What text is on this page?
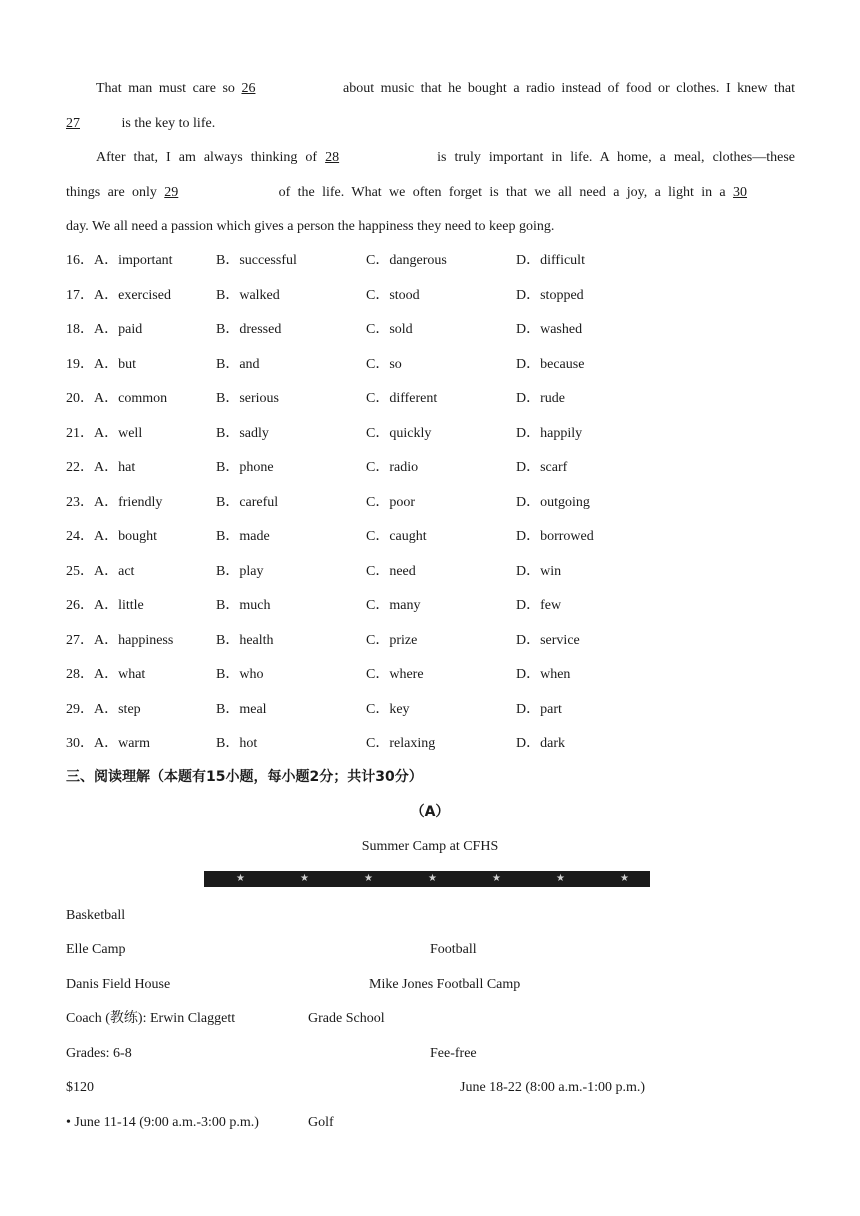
That man must care so 26	about music that he bought a radio instead of food or clothes. I knew that
27	is the key to life.
After that, I am always thinking of 28	is truly important in life. A home, a meal, clothes—these
things are only 29	of the life. What we often forget is that we all need a joy, a light in a 30
day. We all need a passion which gives a person the happiness they need to keep going.
16．A．important	B．successful	C．dangerous	D．difficult
17．A．exercised	B．walked	C．stood	D．stopped
18．A．paid	B．dressed	C．sold	D．washed
19．A．but	B．and	C．so	D．because
20．A．common	B．serious	C．different	D．rude
21．A．well	B．sadly	C．quickly	D．happily
22．A．hat	B．phone	C．radio	D．scarf
23．A．friendly	B．careful	C．poor	D．outgoing
24．A．bought	B．made	C．caught	D．borrowed
25．A．act	B．play	C．need	D．win
26．A．little	B．much	C．many	D．few
27．A．happiness	B．health	C．prize	D．service
28．A．what	B．who	C．where	D．when
29．A．step	B．meal	C．key	D．part
30．A．warm	B．hot	C．relaxing	D．dark
三、阅读理解（本题有15小题，每小题2分；共计30分）
（A）
Summer Camp at CFHS
★	★	★	★	★	★	★
Basketball
Elle Camp	Football
Danis Field House	Mike Jones Football Camp
Coach (教练): Erwin Claggett	Grade School
Grades: 6-8	Fee-free
$120	June 18-22 (8:00 a.m.-1:00 p.m.)
• June 11-14 (9:00 a.m.-3:00 p.m.)	Golf
